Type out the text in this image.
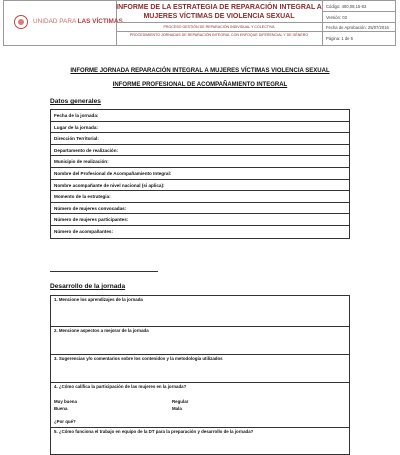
UNIDAD PARA LAS VÍCTIMAS
INFORME DE LA ESTRATEGIA DE REPARACIÓN INTEGRAL A MUJERES VÍCTIMAS DE VIOLENCIA SEXUAL
PROCESO GESTIÓN DE REPARACIÓN INDIVIDUAL Y COLECTIVA
PROCEDIMIENTO JORNADAS DE REPARACIÓN INTEGRAL CON ENFOQUE DIFERENCIAL Y DE GÉNERO
Código: 400,08,15-83
Versión: 03
Fecha de Aprobación: 25/07/2016
Página: 1 de 5
INFORME JORNADA REPARACIÓN INTEGRAL A MUJERES VÍCTIMAS VIOLENCIA SEXUAL
INFORME PROFESIONAL DE ACOMPAÑAMIENTO INTEGRAL
Datos generales
Fecha de la jornada:
Lugar de la jornada:
Dirección Territorial:
Departamento de realización:
Municipio de realización:
Nombre del Profesional de Acompañamiento Integral:
Nombre acompañante de nivel nacional (si aplica):
Momento de la estrategia:
Número de mujeres convocadas:
Número de mujeres participantes:
Número de acompañantes:
Desarrollo de la jornada
1. Mencione los aprendizajes de la jornada
2. Mencione aspectos a mejorar de la jornada
3. Sugerencias y/o comentarios sobre los contenidos y la metodología utilizados
4. ¿Cómo califica la participación de las mujeres en la jornada?
Muy buena	Regular
Buena	Mala
¿Por qué?
5. ¿Cómo funciona el trabajo en equipo de la DT para la preparación y desarrollo de la jornada?
